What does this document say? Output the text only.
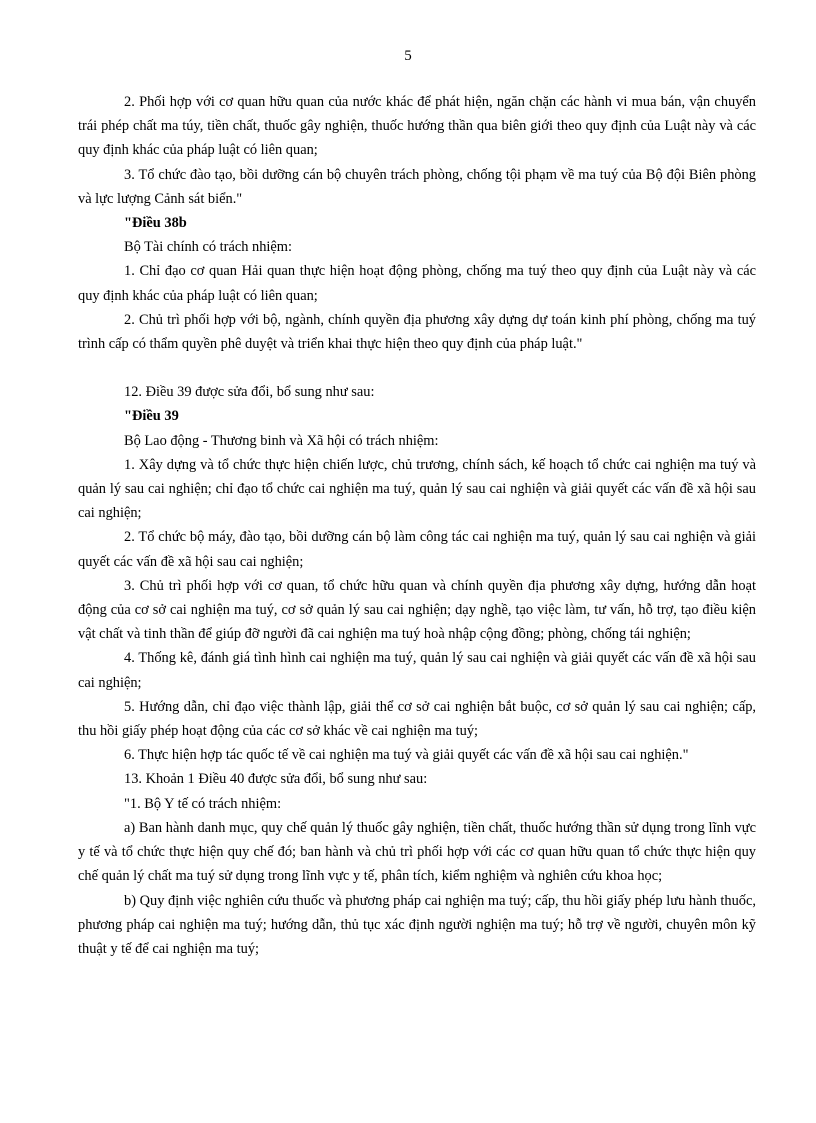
5

2. Phối hợp với cơ quan hữu quan của nước khác để phát hiện, ngăn chặn các hành vi mua bán, vận chuyển trái phép chất ma túy, tiền chất, thuốc gây nghiện, thuốc hướng thần qua biên giới theo quy định của Luật này và các quy định khác của pháp luật có liên quan;

3. Tổ chức đào tạo, bồi dưỡng cán bộ chuyên trách phòng, chống tội phạm về ma tuý của Bộ đội Biên phòng và lực lượng Cảnh sát biển."

"Điều 38b

Bộ Tài chính có trách nhiệm:

1. Chỉ đạo cơ quan Hải quan thực hiện hoạt động phòng, chống ma tuý theo quy định của Luật này và các quy định khác của pháp luật có liên quan;

2. Chủ trì phối hợp với bộ, ngành, chính quyền địa phương xây dựng dự toán kinh phí phòng, chống ma tuý trình cấp có thẩm quyền phê duyệt và triển khai thực hiện theo quy định của pháp luật."

12. Điều 39 được sửa đổi, bổ sung như sau:

"Điều 39

Bộ Lao động - Thương binh và Xã hội có trách nhiệm:

1. Xây dựng và tổ chức thực hiện chiến lược, chủ trương, chính sách, kế hoạch tổ chức cai nghiện ma tuý và quản lý sau cai nghiện; chỉ đạo tổ chức cai nghiện ma tuý, quản lý sau cai nghiện và giải quyết các vấn đề xã hội sau cai nghiện;

2. Tổ chức bộ máy, đào tạo, bồi dưỡng cán bộ làm công tác cai nghiện ma tuý, quản lý sau cai nghiện và giải quyết các vấn đề xã hội sau cai nghiện;

3. Chủ trì phối hợp với cơ quan, tổ chức hữu quan và chính quyền địa phương xây dựng, hướng dẫn hoạt động của cơ sở cai nghiện ma tuý, cơ sở quản lý sau cai nghiện; dạy nghề, tạo việc làm, tư vấn, hỗ trợ, tạo điều kiện vật chất và tinh thần để giúp đỡ người đã cai nghiện ma tuý hoà nhập cộng đồng; phòng, chống tái nghiện;

4. Thống kê, đánh giá tình hình cai nghiện ma tuý, quản lý sau cai nghiện và giải quyết các vấn đề xã hội sau cai nghiện;

5. Hướng dẫn, chỉ đạo việc thành lập, giải thể cơ sở cai nghiện bắt buộc, cơ sở quản lý sau cai nghiện; cấp, thu hồi giấy phép hoạt động của các cơ sở khác về cai nghiện ma tuý;

6. Thực hiện hợp tác quốc tế về cai nghiện ma tuý và giải quyết các vấn đề xã hội sau cai nghiện."

13. Khoản 1 Điều 40 được sửa đổi, bổ sung như sau:

"1. Bộ Y tế có trách nhiệm:

a) Ban hành danh mục, quy chế quản lý thuốc gây nghiện, tiền chất, thuốc hướng thần sử dụng trong lĩnh vực y tế và tổ chức thực hiện quy chế đó; ban hành và chủ trì phối hợp với các cơ quan hữu quan tổ chức thực hiện quy chế quản lý chất ma tuý sử dụng trong lĩnh vực y tế, phân tích, kiểm nghiệm và nghiên cứu khoa học;

b) Quy định việc nghiên cứu thuốc và phương pháp cai nghiện ma tuý; cấp, thu hồi giấy phép lưu hành thuốc, phương pháp cai nghiện ma tuý; hướng dẫn, thủ tục xác định người nghiện ma tuý; hỗ trợ về người, chuyên môn kỹ thuật y tế để cai nghiện ma tuý;
